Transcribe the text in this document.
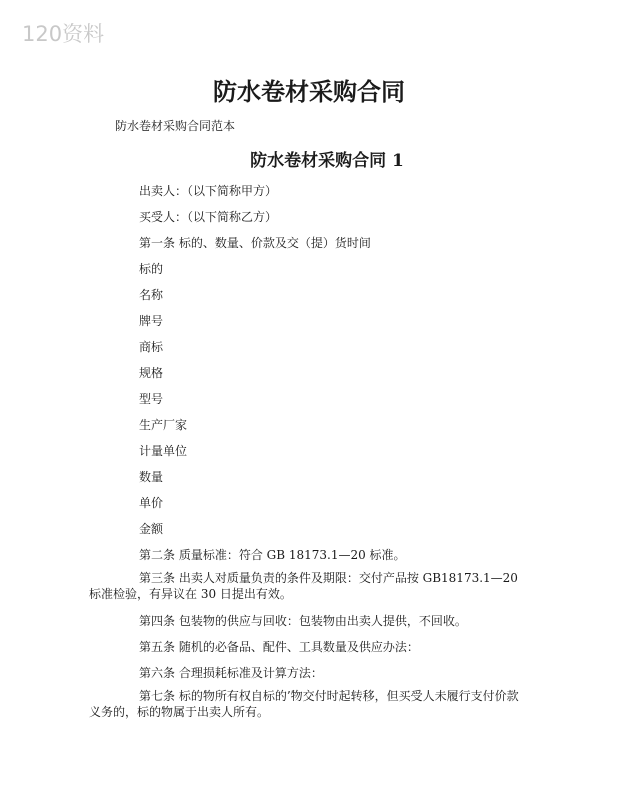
120资料
防水卷材采购合同
防水卷材采购合同范本
防水卷材采购合同 1
出卖人：（以下简称甲方）
买受人：（以下简称乙方）
第一条 标的、数量、价款及交（提）货时间
标的
名称
牌号
商标
规格
型号
生产厂家
计量单位
数量
单价
金额
第二条 质量标准：符合 GB 18173.1—20 标准。
第三条 出卖人对质量负责的条件及期限：交付产品按 GB18173.1—20 标准检验，有异议在 30 日提出有效。
第四条 包装物的供应与回收：包装物由出卖人提供，不回收。
第五条 随机的必备品、配件、工具数量及供应办法：
第六条 合理损耗标准及计算方法：
第七条 标的物所有权自标的’物交付时起转移，但买受人未履行支付价款义务的，标的物属于出卖人所有。
